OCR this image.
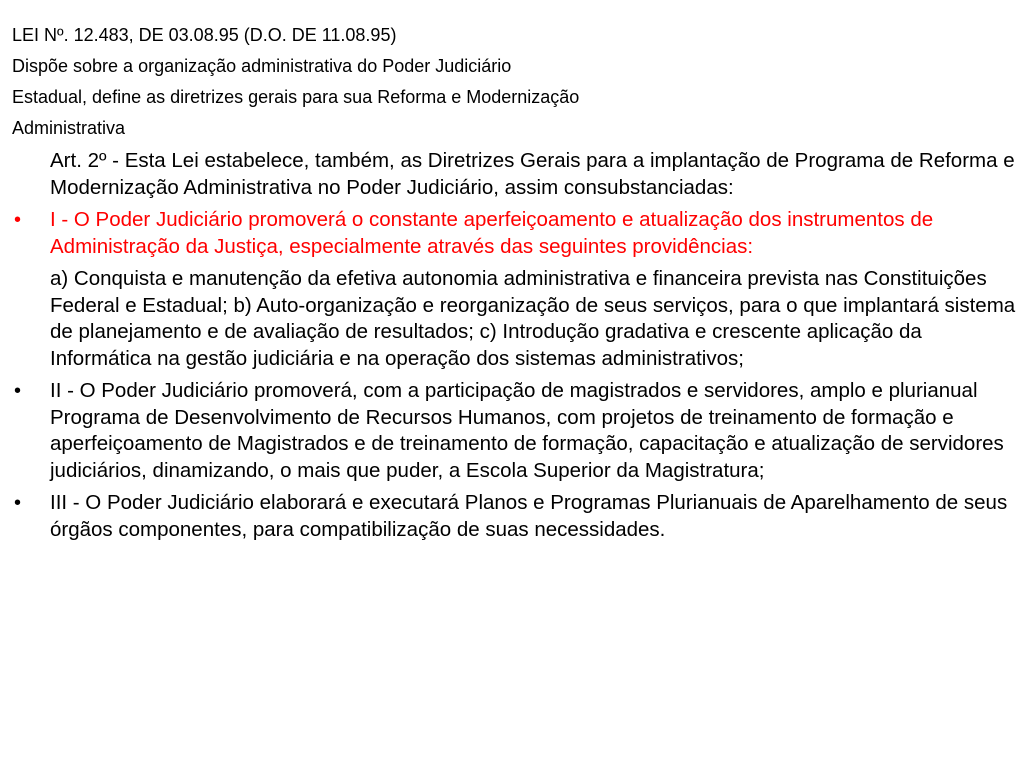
LEI Nº. 12.483, DE 03.08.95 (D.O. DE 11.08.95)
Dispõe sobre a organização administrativa do Poder Judiciário
Estadual, define as diretrizes gerais para sua Reforma e Modernização
Administrativa

Art. 2º - Esta Lei estabelece, também, as Diretrizes Gerais para a implantação de Programa de Reforma e Modernização Administrativa no Poder Judiciário, assim consubstanciadas:

•	I - O Poder Judiciário promoverá o constante aperfeiçoamento e atualização dos instrumentos de Administração da Justiça, especialmente através das seguintes providências:

a) Conquista e manutenção da efetiva autonomia administrativa e financeira prevista nas Constituições Federal e Estadual; b) Auto-organização e reorganização de seus serviços, para o que implantará sistema de planejamento e de avaliação de resultados; c) Introdução gradativa e crescente aplicação da Informática na gestão judiciária e na operação dos sistemas administrativos;

•	II - O Poder Judiciário promoverá, com a participação de magistrados e servidores, amplo e plurianual Programa de Desenvolvimento de Recursos Humanos, com projetos de treinamento de formação e aperfeiçoamento de Magistrados e de treinamento de formação, capacitação e atualização de servidores judiciários, dinamizando, o mais que puder, a Escola Superior da Magistratura;

•	III - O Poder Judiciário elaborará e executará Planos e Programas Plurianuais de Aparelhamento de seus órgãos componentes, para compatibilização de suas necessidades.
